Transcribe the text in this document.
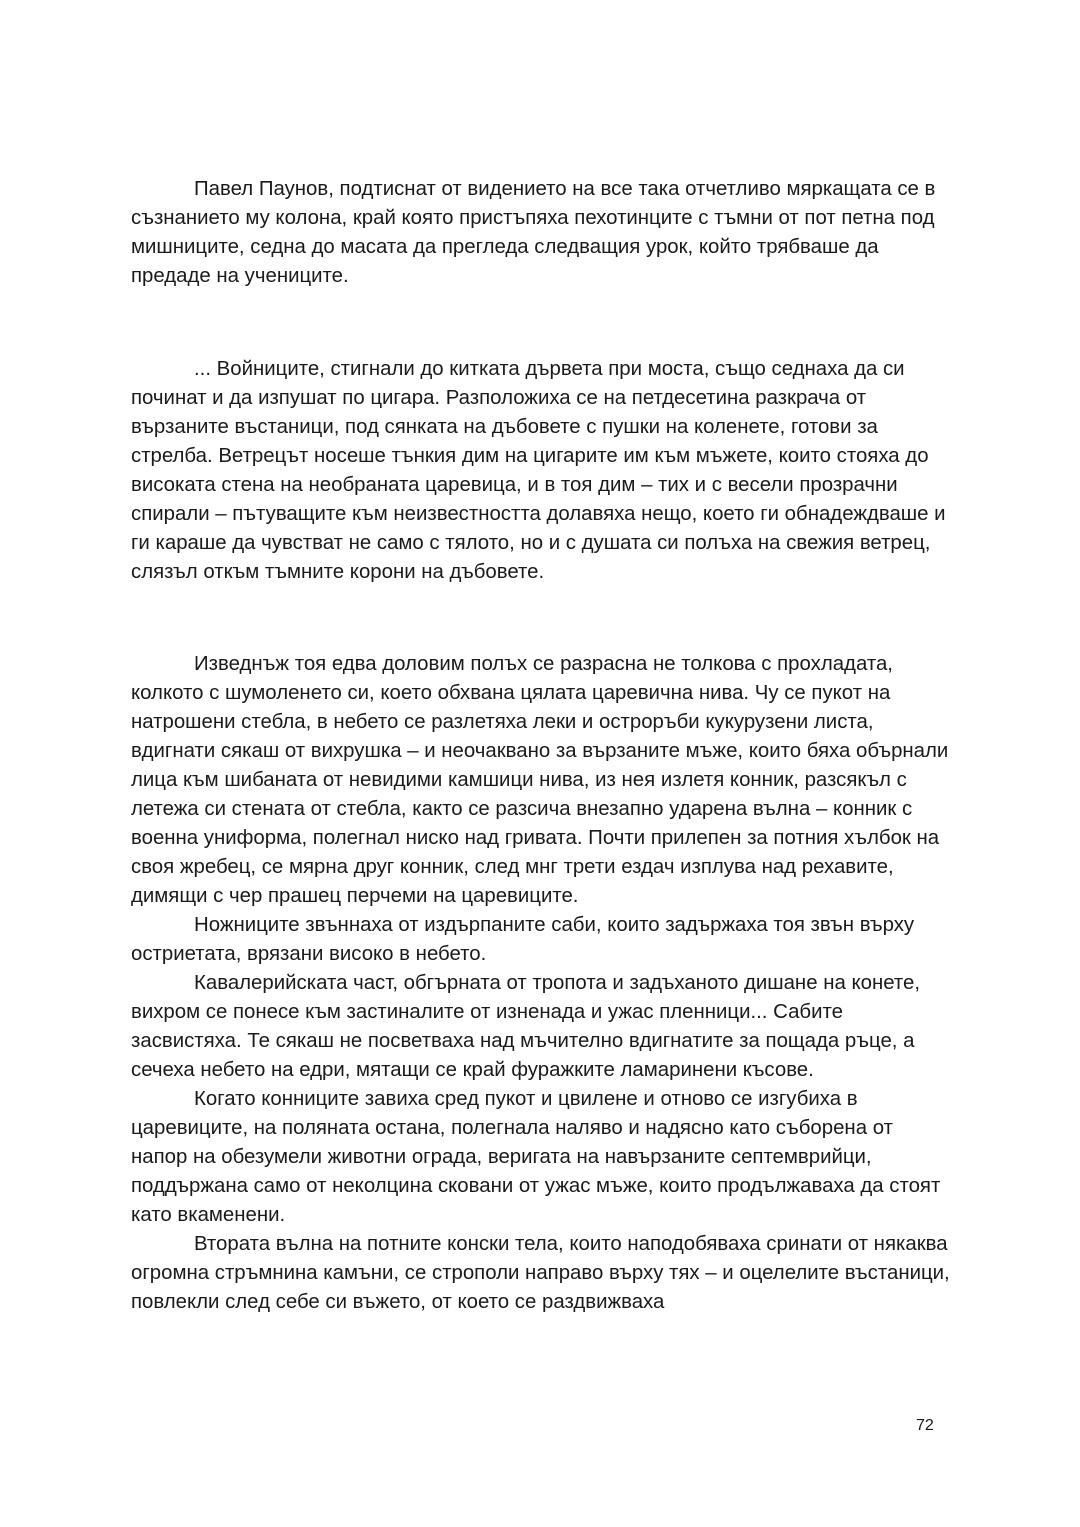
Павел Паунов, подтиснат от видението на все така отчетливо мяркащата се в съзнанието му колона, край която пристъпяха пехотинците с тъмни от пот петна под мишниците, седна до масата да прегледа следващия урок, който трябваше да предаде на учениците.

... Войниците, стигнали до китката дървета при моста, също седнаха да си починат и да изпушат по цигара. Разположиха се на петдесетина разкрача от вързаните въстаници, под сянката на дъбовете с пушки на коленете, готови за стрелба. Ветрецът носеше тънкия дим на цигарите им към мъжете, които стояха до високата стена на необраната царевица, и в тоя дим – тих и с весели прозрачни спирали – пътуващите към неизвестността долавяха нещо, което ги обнадеждваше и ги караше да чувстват не само с тялото, но и с душата си полъха на свежия ветрец, слязъл откъм тъмните корони на дъбовете.

Изведнъж тоя едва доловим полъх се разрасна не толкова с прохладата, колкото с шумоленето си, което обхвана цялата царевична нива. Чу се пукот на натрошени стебла, в небето се разлетяха леки и остроръби кукурузени листа, вдигнати сякаш от вихрушка – и неочаквано за вързаните мъже, които бяха обърнали лица към шибаната от невидими камшици нива, из нея излетя конник, разсякъл с летежа си стената от стебла, както се разсича внезапно ударена вълна – конник с военна униформа, полегнал ниско над гривата. Почти прилепен за потния хълбок на своя жребец, се мярна друг конник, след мнг трети ездач изплува над рехавите, димящи с чер прашец перчеми на царевиците.

Ножниците звъннаха от издърпаните саби, които задържаха тоя звън върху остриетата, врязани високо в небето.

Кавалерийската част, обгърната от тропота и задъханото дишане на конете, вихром се понесе към застиналите от изненада и ужас пленници... Сабите засвистяха. Те сякаш не посветваха над мъчително вдигнатите за пощада ръце, а сечеха небето на едри, мятащи се край фуражките ламаринени късове.

Когато конниците завиха сред пукот и цвилене и отново се изгубиха в царевиците, на поляната остана, полегнала наляво и надясно като съборена от напор на обезумели животни ограда, веригата на навързаните септемврийци, поддържана само от неколцина сковани от ужас мъже, които продължаваха да стоят като вкаменени.

Втората вълна на потните конски тела, които наподобяваха сринати от някаква огромна стръмнина камъни, се строполи направо върху тях – и оцелелите въстаници, повлекли след себе си въжето, от което се раздвижваха

72
